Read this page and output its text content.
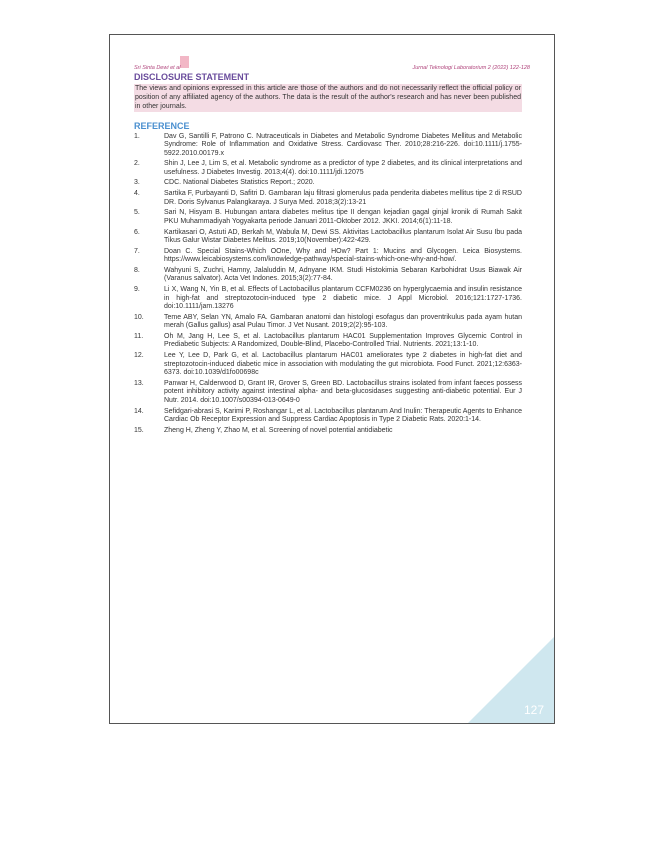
Sri Sinta Dewi et al	Jurnal Teknologi Laboratorium 2 (2022) 122-128
DISCLOSURE STATEMENT

The views and opinions expressed in this article are those of the authors and do not necessarily reflect the official policy or position of any affiliated agency of the authors. The data is the result of the author's research and has never been published in other journals.

REFERENCE
1.	Dav G, Santilli F, Patrono C. Nutraceuticals in Diabetes and Metabolic Syndrome Diabetes Mellitus and Metabolic Syndrome: Role of Inflammation and Oxidative Stress. Cardiovasc Ther. 2010;28:216-226. doi:10.1111/j.1755-5922.2010.00179.x
2.	Shin J, Lee J, Lim S, et al. Metabolic syndrome as a predictor of type 2 diabetes, and its clinical interpretations and usefulness. J Diabetes Investig. 2013;4(4). doi:10.1111/jdi.12075
3.	CDC. National Diabetes Statistics Report.; 2020.
4.	Sartika F, Purbayanti D, Safitri D. Gambaran laju filtrasi glomerulus pada penderita diabetes mellitus tipe 2 di RSUD DR. Doris Sylvanus Palangkaraya. J Surya Med. 2018;3(2):13-21
5.	Sari N, Hisyam B. Hubungan antara diabetes melitus tipe II dengan kejadian gagal ginjal kronik di Rumah Sakit PKU Muhammadiyah Yogyakarta periode Januari 2011-Oktober 2012. JKKI. 2014;6(1):11-18.
6.	Kartikasari O, Astuti AD, Berkah M, Wabula M, Dewi SS. Aktivitas Lactobacillus plantarum Isolat Air Susu Ibu pada Tikus Galur Wistar Diabetes Melitus. 2019;10(November):422-429.
7.	Doan C. Special Stains-Which OOne, Why and HOw? Part 1: Mucins and Glycogen. Leica Biosystems. https://www.leicabiosystems.com/knowledge-pathway/special-stains-which-one-why-and-how/.
8.	Wahyuni S, Zuchri, Hamny, Jalaluddin M, Adnyane IKM. Studi Histokimia Sebaran Karbohidrat Usus Biawak Air (Varanus salvator). Acta Vet Indones. 2015;3(2):77-84.
9.	Li X, Wang N, Yin B, et al. Effects of Lactobacillus plantarum CCFM0236 on hyperglycaemia and insulin resistance in high-fat and streptozotocin-induced type 2 diabetic mice. J Appl Microbiol. 2016;121:1727-1736. doi:10.1111/jam.13276
10.	Teme ABY, Selan YN, Amalo FA. Gambaran anatomi dan histologi esofagus dan proventrikulus pada ayam hutan merah (Gallus gallus) asal Pulau Timor. J Vet Nusant. 2019;2(2):95-103.
11.	Oh M, Jang H, Lee S, et al. Lactobacillus plantarum HAC01 Supplementation Improves Glycemic Control in Prediabetic Subjects: A Randomized, Double-Blind, Placebo-Controlled Trial. Nutrients. 2021;13:1-10.
12.	Lee Y, Lee D, Park G, et al. Lactobacillus plantarum HAC01 ameliorates type 2 diabetes in high-fat diet and streptozotocin-induced diabetic mice in association with modulating the gut microbiota. Food Funct. 2021;12:6363-6373. doi:10.1039/d1fo00698c
13.	Panwar H, Calderwood D, Grant IR, Grover S, Green BD. Lactobacillus strains isolated from infant faeces possess potent inhibitory activity against intestinal alpha- and beta-glucosidases suggesting anti-diabetic potential. Eur J Nutr. 2014. doi:10.1007/s00394-013-0649-0
14.	Sefidgari-abrasi S, Karimi P, Roshangar L, et al. Lactobacillus plantarum And Inulin: Therapeutic Agents to Enhance Cardiac Ob Receptor Expression and Suppress Cardiac Apoptosis in Type 2 Diabetic Rats. 2020:1-14.
15.	Zheng H, Zheng Y, Zhao M, et al. Screening of novel potential antidiabetic
127
